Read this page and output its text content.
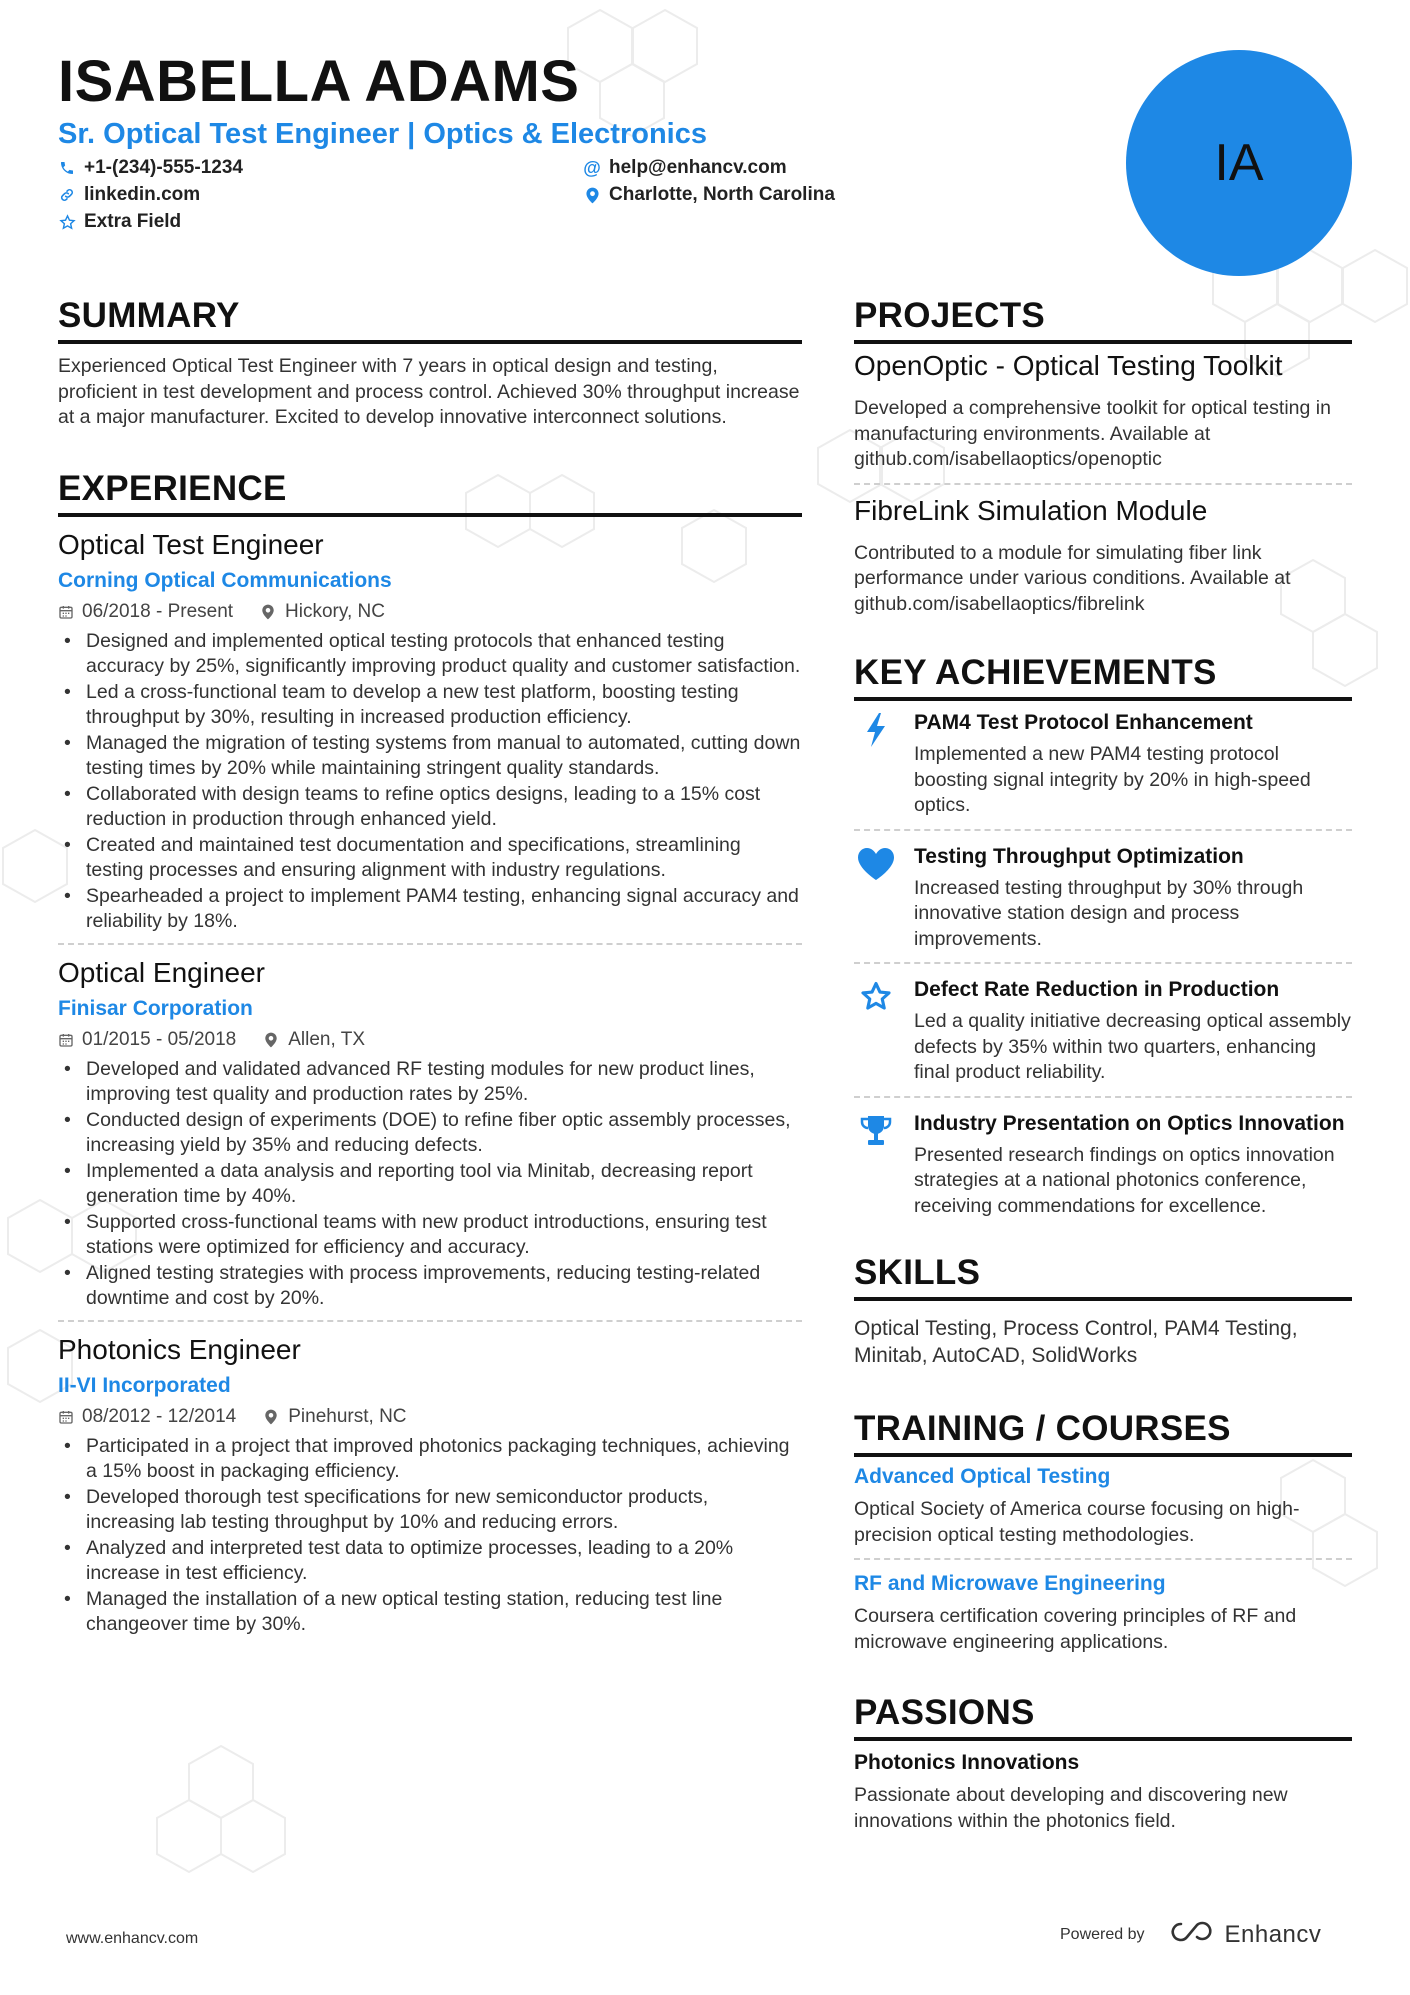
ISABELLA ADAMS
Sr. Optical Test Engineer | Optics & Electronics
+1-(234)-555-1234
linkedin.com
Extra Field
@ help@enhancv.com
Charlotte, North Carolina
IA
SUMMARY
Experienced Optical Test Engineer with 7 years in optical design and testing, proficient in test development and process control. Achieved 30% throughput increase at a major manufacturer. Excited to develop innovative interconnect solutions.
EXPERIENCE
Optical Test Engineer
Corning Optical Communications
06/2018 - Present	Hickory, NC
• Designed and implemented optical testing protocols that enhanced testing accuracy by 25%, significantly improving product quality and customer satisfaction.
• Led a cross-functional team to develop a new test platform, boosting testing throughput by 30%, resulting in increased production efficiency.
• Managed the migration of testing systems from manual to automated, cutting down testing times by 20% while maintaining stringent quality standards.
• Collaborated with design teams to refine optics designs, leading to a 15% cost reduction in production through enhanced yield.
• Created and maintained test documentation and specifications, streamlining testing processes and ensuring alignment with industry regulations.
• Spearheaded a project to implement PAM4 testing, enhancing signal accuracy and reliability by 18%.
Optical Engineer
Finisar Corporation
01/2015 - 05/2018	Allen, TX
• Developed and validated advanced RF testing modules for new product lines, improving test quality and production rates by 25%.
• Conducted design of experiments (DOE) to refine fiber optic assembly processes, increasing yield by 35% and reducing defects.
• Implemented a data analysis and reporting tool via Minitab, decreasing report generation time by 40%.
• Supported cross-functional teams with new product introductions, ensuring test stations were optimized for efficiency and accuracy.
• Aligned testing strategies with process improvements, reducing testing-related downtime and cost by 20%.
Photonics Engineer
II-VI Incorporated
08/2012 - 12/2014	Pinehurst, NC
• Participated in a project that improved photonics packaging techniques, achieving a 15% boost in packaging efficiency.
• Developed thorough test specifications for new semiconductor products, increasing lab testing throughput by 10% and reducing errors.
• Analyzed and interpreted test data to optimize processes, leading to a 20% increase in test efficiency.
• Managed the installation of a new optical testing station, reducing test line changeover time by 30%.
PROJECTS
OpenOptic - Optical Testing Toolkit
Developed a comprehensive toolkit for optical testing in manufacturing environments. Available at github.com/isabellaoptics/openoptic
FibreLink Simulation Module
Contributed to a module for simulating fiber link performance under various conditions. Available at github.com/isabellaoptics/fibrelink
KEY ACHIEVEMENTS
PAM4 Test Protocol Enhancement
Implemented a new PAM4 testing protocol boosting signal integrity by 20% in high-speed optics.
Testing Throughput Optimization
Increased testing throughput by 30% through innovative station design and process improvements.
Defect Rate Reduction in Production
Led a quality initiative decreasing optical assembly defects by 35% within two quarters, enhancing final product reliability.
Industry Presentation on Optics Innovation
Presented research findings on optics innovation strategies at a national photonics conference, receiving commendations for excellence.
SKILLS
Optical Testing, Process Control, PAM4 Testing, Minitab, AutoCAD, SolidWorks
TRAINING / COURSES
Advanced Optical Testing
Optical Society of America course focusing on high-precision optical testing methodologies.
RF and Microwave Engineering
Coursera certification covering principles of RF and microwave engineering applications.
PASSIONS
Photonics Innovations
Passionate about developing and discovering new innovations within the photonics field.
www.enhancv.com	Powered by	Enhancv
